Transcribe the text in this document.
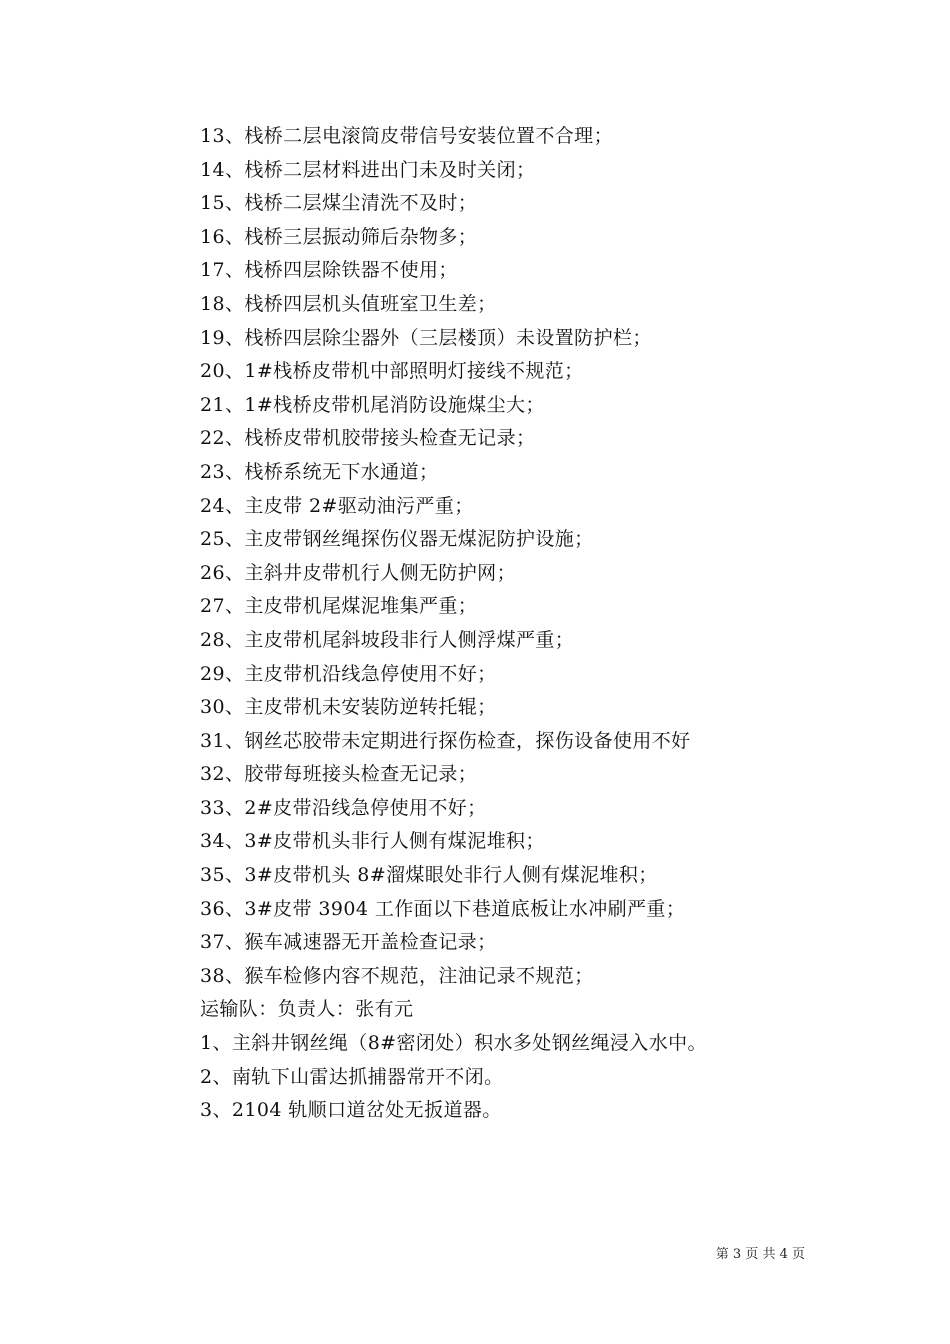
13、栈桥二层电滚筒皮带信号安装位置不合理；
14、栈桥二层材料进出门未及时关闭；
15、栈桥二层煤尘清洗不及时；
16、栈桥三层振动筛后杂物多；
17、栈桥四层除铁器不使用；
18、栈桥四层机头值班室卫生差；
19、栈桥四层除尘器外（三层楼顶）未设置防护栏；
20、1#栈桥皮带机中部照明灯接线不规范；
21、1#栈桥皮带机尾消防设施煤尘大；
22、栈桥皮带机胶带接头检查无记录；
23、栈桥系统无下水通道；
24、主皮带 2#驱动油污严重；
25、主皮带钢丝绳探伤仪器无煤泥防护设施；
26、主斜井皮带机行人侧无防护网；
27、主皮带机尾煤泥堆集严重；
28、主皮带机尾斜坡段非行人侧浮煤严重；
29、主皮带机沿线急停使用不好；
30、主皮带机未安装防逆转托辊；
31、钢丝芯胶带未定期进行探伤检查，探伤设备使用不好
32、胶带每班接头检查无记录；
33、2#皮带沿线急停使用不好；
34、3#皮带机头非行人侧有煤泥堆积；
35、3#皮带机头 8#溜煤眼处非行人侧有煤泥堆积；
36、3#皮带 3904 工作面以下巷道底板让水冲刷严重；
37、猴车减速器无开盖检查记录；
38、猴车检修内容不规范，注油记录不规范；
运输队：负责人：张有元
1、主斜井钢丝绳（8#密闭处）积水多处钢丝绳浸入水中。
2、南轨下山雷达抓捕器常开不闭。
3、2104 轨顺口道岔处无扳道器。
第 3 页 共 4 页
